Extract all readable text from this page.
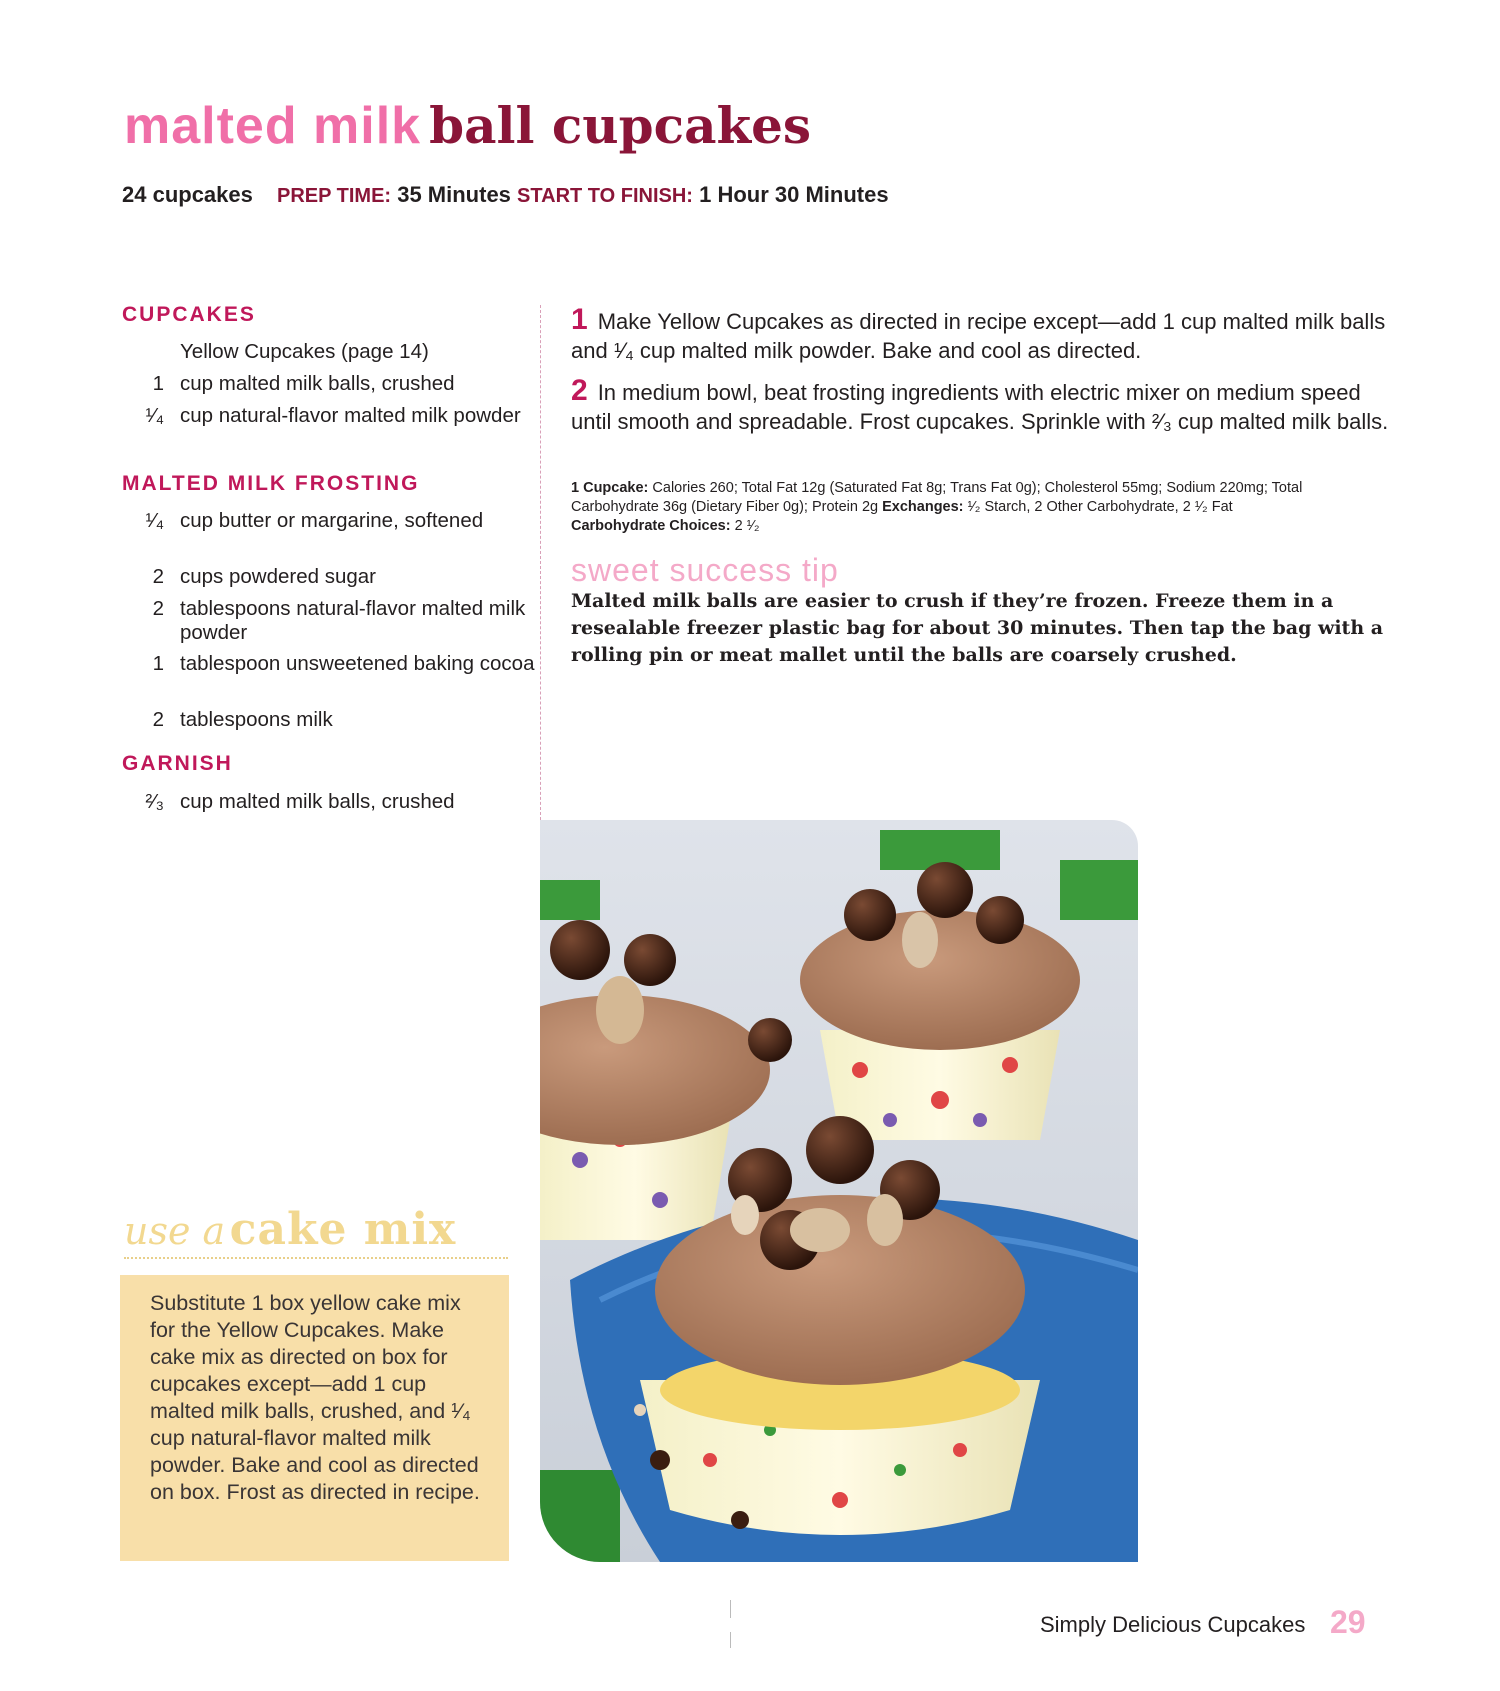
malted milk ball cupcakes
24 cupcakes PREP TIME: 35 Minutes START TO FINISH: 1 Hour 30 Minutes
CUPCAKES
Yellow Cupcakes (page 14)
1 cup malted milk balls, crushed
¹⁄₄ cup natural-flavor malted milk powder
MALTED MILK FROSTING
¹⁄₄ cup butter or margarine, softened
2 cups powdered sugar
2 tablespoons natural-flavor malted milk powder
1 tablespoon unsweetened baking cocoa
2 tablespoons milk
GARNISH
²⁄₃ cup malted milk balls, crushed
1 Make Yellow Cupcakes as directed in recipe except—add 1 cup malted milk balls and ¹⁄₄ cup malted milk powder. Bake and cool as directed.
2 In medium bowl, beat frosting ingredients with electric mixer on medium speed until smooth and spreadable. Frost cupcakes. Sprinkle with ²⁄₃ cup malted milk balls.
1 Cupcake: Calories 260; Total Fat 12g (Saturated Fat 8g; Trans Fat 0g); Cholesterol 55mg; Sodium 220mg; Total Carbohydrate 36g (Dietary Fiber 0g); Protein 2g Exchanges: ¹⁄₂ Starch, 2 Other Carbohydrate, 2 ¹⁄₂ Fat
Carbohydrate Choices: 2 ¹⁄₂
sweet success tip
Malted milk balls are easier to crush if they’re frozen. Freeze them in a resealable freezer plastic bag for about 30 minutes. Then tap the bag with a rolling pin or meat mallet until the balls are coarsely crushed.
use a cake mix
Substitute 1 box yellow cake mix for the Yellow Cupcakes. Make cake mix as directed on box for cupcakes except—add 1 cup malted milk balls, crushed, and ¹⁄₄ cup natural-flavor malted milk powder. Bake and cool as directed on box. Frost as directed in recipe.
Simply Delicious Cupcakes 29
